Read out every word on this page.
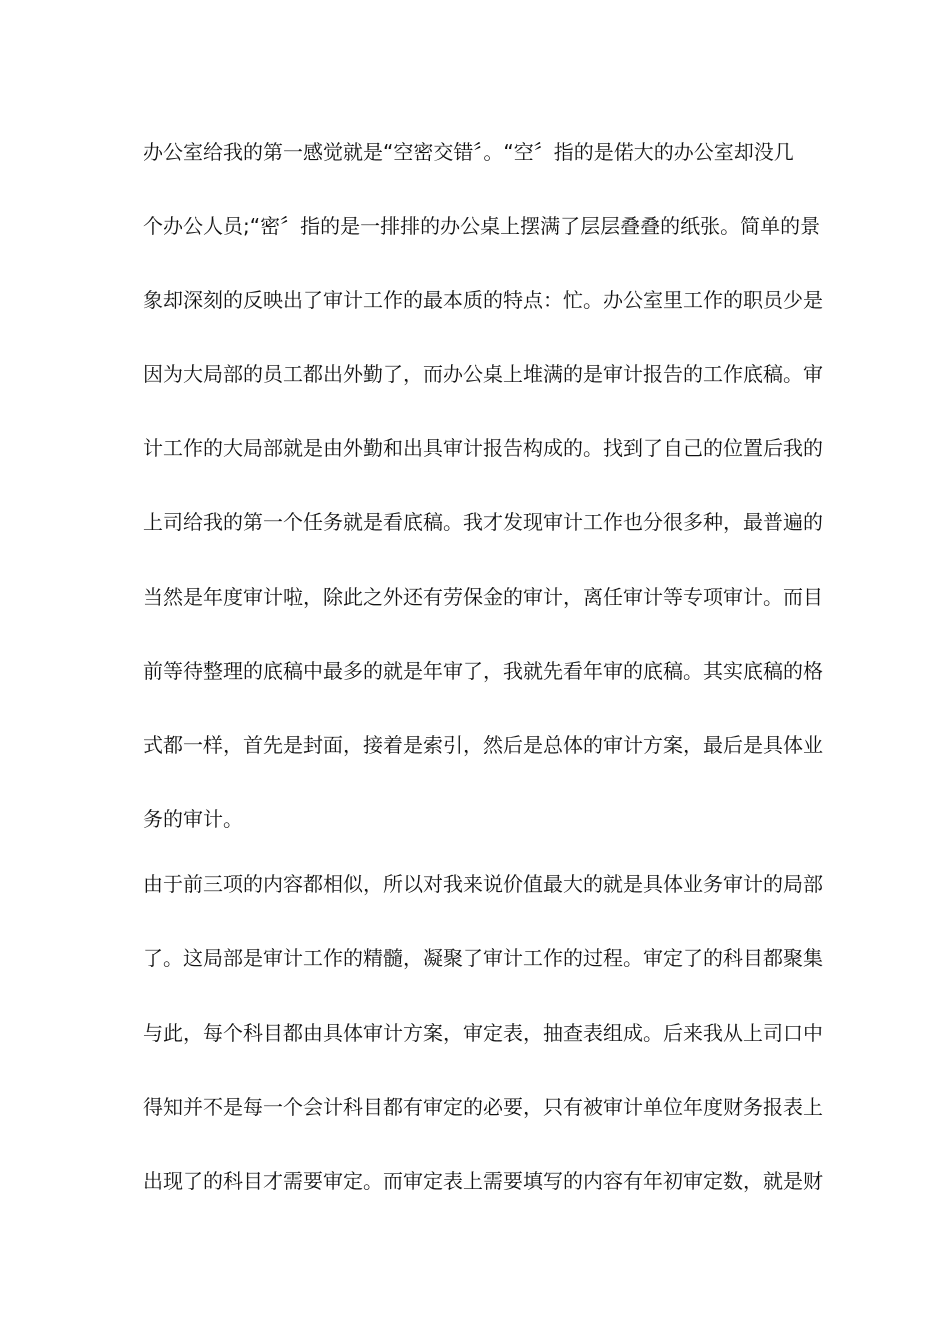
办公室给我的第一感觉就是“空密交错〞。“空〞指的是偌大的办公室却没几
个办公人员;“密〞指的是一排排的办公桌上摆满了层层叠叠的纸张。简单的景
象却深刻的反映出了审计工作的最本质的特点：忙。办公室里工作的职员少是
因为大局部的员工都出外勤了，而办公桌上堆满的是审计报告的工作底稿。审
计工作的大局部就是由外勤和出具审计报告构成的。找到了自己的位置后我的
上司给我的第一个任务就是看底稿。我才发现审计工作也分很多种，最普遍的
当然是年度审计啦，除此之外还有劳保金的审计，离任审计等专项审计。而目
前等待整理的底稿中最多的就是年审了，我就先看年审的底稿。其实底稿的格
式都一样，首先是封面，接着是索引，然后是总体的审计方案，最后是具体业
务的审计。
由于前三项的内容都相似，所以对我来说价值最大的就是具体业务审计的局部
了。这局部是审计工作的精髓，凝聚了审计工作的过程。审定了的科目都聚集
与此，每个科目都由具体审计方案，审定表，抽查表组成。后来我从上司口中
得知并不是每一个会计科目都有审定的必要，只有被审计单位年度财务报表上
出现了的科目才需要审定。而审定表上需要填写的内容有年初审定数，就是财
